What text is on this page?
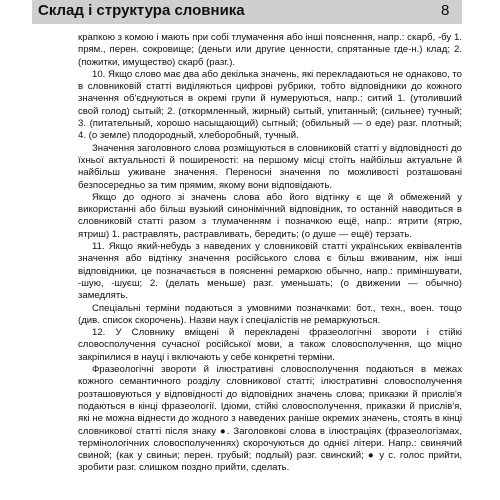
Склад і структура словника	8

крапкою з комою і мають при собі тлумачення або інші пояснення, напр.: скарб, -бу 1. прям., перен. сокровище; (деньги или другие ценности, спрятанные где-н.) клад; 2. (пожитки, имущество) скарб (разг.).

10. Якщо слово має два або декілька значень, які перекладаються не однаково, то в словниковій статті виділяються цифрові рубрики, тобто відповідники до кожного значення об'єднуються в окремі групи й нумеруються, напр.: ситий 1. (утоливший свой голод) сытый; 2. (откормленный, жирный) сытый, упитанный; (сильнее) тучный; 3. (питательный, хорошо насыщающий) сытный; (обильный — о еде) разг. плотный; 4. (о земле) плодородный, хлеборобный, тучный.

Значення заголовного слова розміщуються в словниковій статті у відповідності до їхньої актуальності й поширеності: на першому місці стоїть найбільш актуальне й найбільш уживане значення. Переносні значення по можливості розташовані безпосередньо за тим прямим, якому вони відповідають.

Якщо до одного зі значень слова або його відтінку є ще й обмежений у використанні або більш вузький синонімічний відповідник, то останній наводиться в словниковій статті разом з тлумаченням і позначкою ещё, напр.: ятрити (ятрю, ятриш) 1. растравлять, растравливать, бередить; (о душе — ещё) терзать.

11. Якщо який-небудь з наведених у словниковій статті українських еквівалентів значення або відтінку значення російського слова є більш вживаним, ніж інші відповідники, це позначається в поясненні ремаркою обычно, напр.: приміншувати, -шую, -шуєш; 2. (делать меньше) разг. уменьшать; (о движении — обычно) замедлять.

Спеціальні терміни подаються з умовними позначками: бот., техн., воен. тощо (див. список скорочень). Назви наук і спеціалістів не ремаркуються.

12. У Словнику вміщені й перекладені фразеологічні звороти і стійкі словосполучення сучасної російської мови, а також словосполучення, що міцно закріпилися в науці і включають у себе конкретні терміни.

Фразеологічні звороти й ілюстративні словосполучення подаються в межах кожного семантичного розділу словникової статті; ілюстративні словосполучення розташовуються у відповідності до відповідних значень слова; приказки й прислів'я подаються в кінці фразеології. Ідіоми, стійкі словосполучення, приказки й прислів'я, які не можна віднести до жодного з наведених раніше окремих значень, стоять в кінці словникової статті після знаку ●. Заголовкові слова в ілюстраціях (фразеологізмах, термінологічних словосполученнях) скорочуються до однієї літери. Напр.: свинячий свиной; (как у свиньи; перен. грубый; подлый) разг. свинский; ● у с. голос прийти, зробити разг. слишком поздно прийти, сделать.
